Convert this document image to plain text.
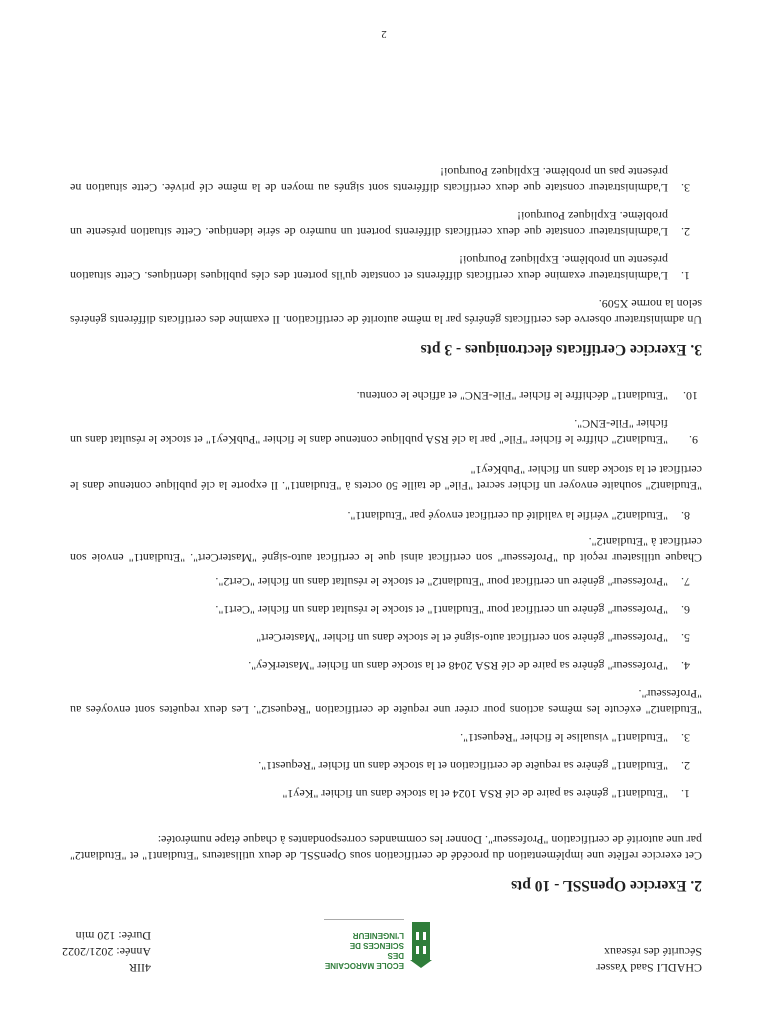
CHADLI Saad Yasser
Sécurité des réseaux
ECOLE MAROCAINE DES
SCIENCES DE L'INGENIEUR
4IIR
Année: 2021/2022
Durée: 120 min
2. Exercice OpenSSL - 10 pts
Cet exercice reflète une implémentation du procédé de certification sous OpenSSL de deux utilisateurs "Etudiant1" et "Etudiant2" par une autorité de certification "Professeur". Donner les commandes correspondantes à chaque étape numérotée:
1.
"Etudiant1" génère sa paire de clé RSA 1024 et la stocke dans un fichier "Key1"
2.
"Etudiant1" génère sa requête de certification et la stocke dans un fichier "Request1".
3.
"Etudiant1" visualise le fichier "Request1".
"Etudiant2" exécute les mêmes actions pour créer une requête de certification "Request2". Les deux requêtes sont envoyées au "Professeur".
4.
"Professeur" génère sa paire de clé RSA 2048 et la stocke dans un fichier "MasterKey".
5.
"Professeur" génère son certificat auto-signé et le stocke dans un fichier "MasterCert"
6.
"Professeur" génère un certificat pour "Etudiant1" et stocke le résultat dans un fichier "Cert1".
7.
"Professeur" génère un certificat pour "Etudiant2" et stocke le résultat dans un fichier "Cert2".
Chaque utilisateur reçoit du "Professeur" son certificat ainsi que le certificat auto-signé "MasterCert". "Etudiant1" envoie son certificat à "Etudiant2".
8.
"Etudiant2" vérifie la validité du certificat envoyé par "Etudiant1".
"Etudiant2" souhaite envoyer un fichier secret "File" de taille 50 octets à "Etudiant1". Il exporte la clé publique contenue dans le certificat et la stocke dans un fichier "PubKey1"
9.
"Etudiant2" chiffre le fichier "File" par la clé RSA publique contenue dans le fichier "PubKey1" et stocke le résultat dans un fichier "File-ENC".
10.
"Etudiant1" déchiffre le fichier "File-ENC" et affiche le contenu.
3. Exercice Certificats électroniques - 3 pts
Un administrateur observe des certificats générés par la même autorité de certification. Il examine des certificats différents générés selon la norme X509.
1.
L'administrateur examine deux certificats différents et constate qu'ils portent des clés publiques identiques. Cette situation présente un problème. Expliquez Pourquoi!
2.
L'administrateur constate que deux certificats différents portent un numéro de série identique. Cette situation présente un problème. Expliquez Pourquoi!
3.
L'administrateur constate que deux certificats différents sont signés au moyen de la même clé privée. Cette situation ne présente pas un problème. Expliquez Pourquoi!
2
